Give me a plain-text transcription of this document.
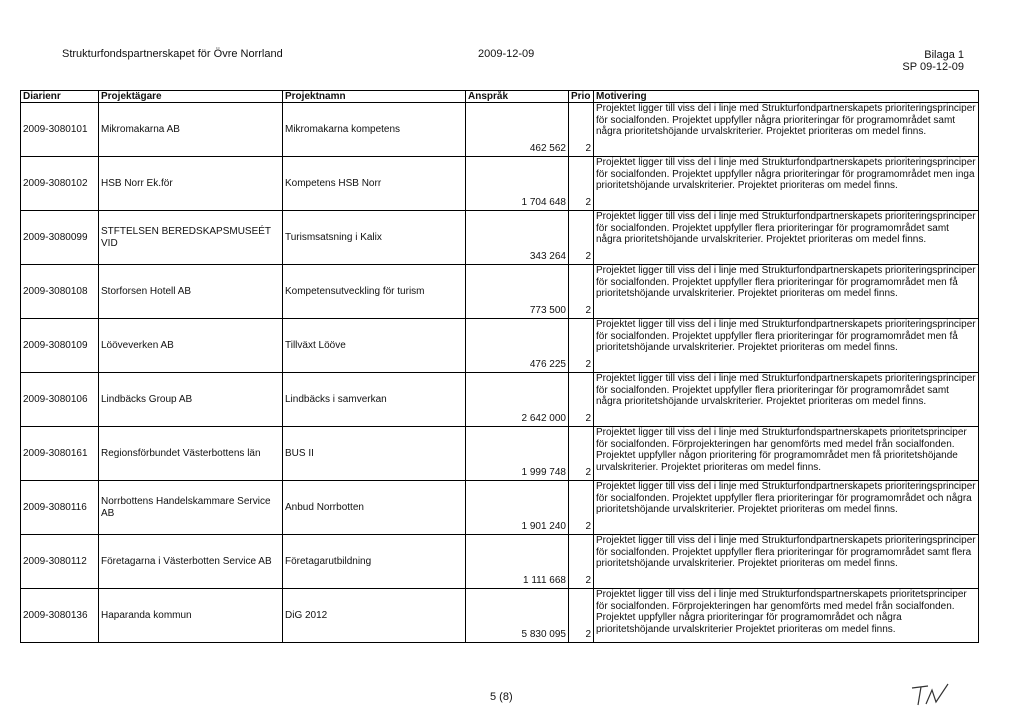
Strukturfondspartnerskapet för Övre Norrland	2009-12-09	Bilaga 1
SP 09-12-09
Diarienr	Projektägare	Projektnamn	Anspråk	Prio	Motivering
2009-3080101	Mikromakarna AB	Mikromakarna kompetens	462 562	2	Projektet ligger till viss del i linje med Strukturfondpartnerskapets prioriteringsprinciper för socialfonden. Projektet uppfyller några prioriteringar för programområdet samt några prioritetshöjande urvalskriterier. Projektet prioriteras om medel finns.
2009-3080102	HSB Norr Ek.för	Kompetens HSB Norr	1 704 648	2	Projektet ligger till viss del i linje med Strukturfondpartnerskapets prioriteringsprinciper för socialfonden. Projektet uppfyller några prioriteringar för programområdet men inga prioritetshöjande urvalskriterier. Projektet prioriteras om medel finns.
2009-3080099	STFTELSEN BEREDSKAPSMUSEÉT VID	Turismsatsning i Kalix	343 264	2	Projektet ligger till viss del i linje med Strukturfondpartnerskapets prioriteringsprinciper för socialfonden. Projektet uppfyller flera prioriteringar för programområdet samt några prioritetshöjande urvalskriterier. Projektet prioriteras om medel finns.
2009-3080108	Storforsen Hotell AB	Kompetensutveckling för turism	773 500	2	Projektet ligger till viss del i linje med Strukturfondpartnerskapets prioriteringsprinciper för socialfonden. Projektet uppfyller flera prioriteringar för programområdet men få prioritetshöjande urvalskriterier. Projektet prioriteras om medel finns.
2009-3080109	Lööveverken AB	Tillväxt Lööve	476 225	2	Projektet ligger till viss del i linje med Strukturfondpartnerskapets prioriteringsprinciper för socialfonden. Projektet uppfyller flera prioriteringar för programområdet men få prioritetshöjande urvalskriterier. Projektet prioriteras om medel finns.
2009-3080106	Lindbäcks Group AB	Lindbäcks i samverkan	2 642 000	2	Projektet ligger till viss del i linje med Strukturfondpartnerskapets prioriteringsprinciper för socialfonden. Projektet uppfyller flera prioriteringar för programområdet samt några prioritetshöjande urvalskriterier. Projektet prioriteras om medel finns.
2009-3080161	Regionsförbundet Västerbottens län	BUS II	1 999 748	2	Projektet ligger till viss del i linje med Strukturfondspartnerskapets prioritetsprinciper för socialfonden. Förprojekteringen har genomförts med medel från socialfonden. Projektet uppfyller någon prioritering för programområdet men få prioritetshöjande urvalskriterier. Projektet prioriteras om medel finns.
2009-3080116	Norrbottens Handelskammare Service AB	Anbud Norrbotten	1 901 240	2	Projektet ligger till viss del i linje med Strukturfondpartnerskapets prioriteringsprinciper för socialfonden. Projektet uppfyller flera prioriteringar för programområdet och några prioritetshöjande urvalskriterier. Projektet prioriteras om medel finns.
2009-3080112	Företagarna i Västerbotten Service AB	Företagarutbildning	1 111 668	2	Projektet ligger till viss del i linje med Strukturfondpartnerskapets prioriteringsprinciper för socialfonden. Projektet uppfyller flera prioriteringar för programområdet samt flera prioritetshöjande urvalskriterier. Projektet prioriteras om medel finns.
2009-3080136	Haparanda kommun	DiG 2012	5 830 095	2	Projektet ligger till viss del i linje med Strukturfondspartnerskapets prioritetsprinciper för socialfonden. Förprojekteringen har genomförts med medel från socialfonden. Projektet uppfyller några prioriteringar för programområdet och några prioritetshöjande urvalskriterier Projektet prioriteras om medel finns.
5 (8)
